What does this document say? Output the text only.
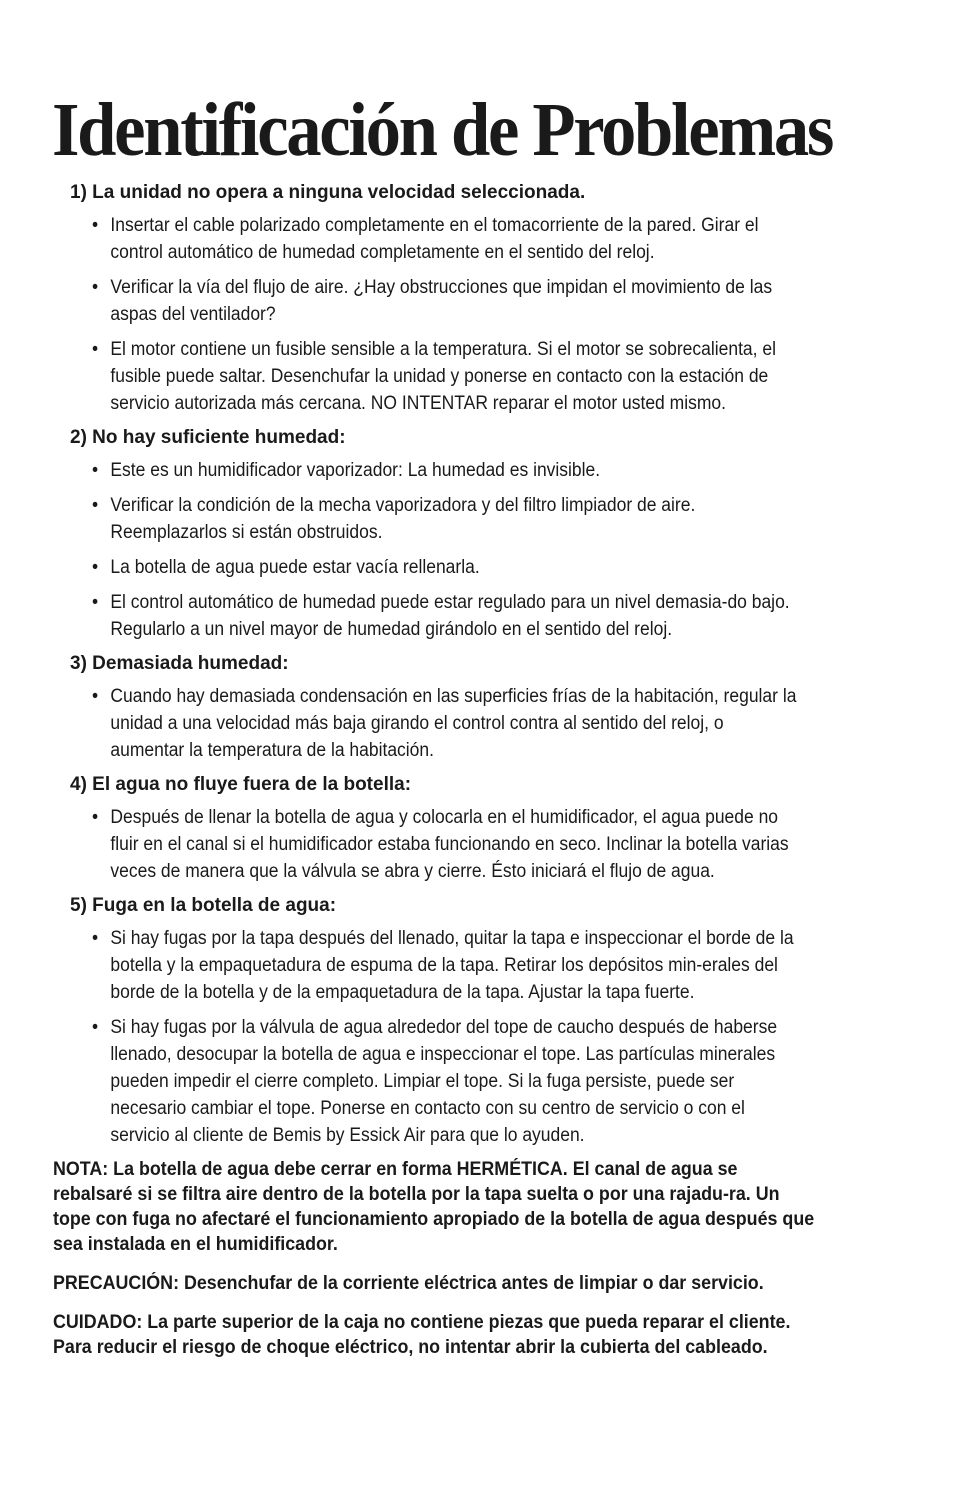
Identificación de Problemas
1) La unidad no opera a ninguna velocidad seleccionada.
• Insertar el cable polarizado completamente en el tomacorriente de la pared. Girar el control automático de humedad completamente en el sentido del reloj.
• Verificar la vía del flujo de aire. ¿Hay obstrucciones que impidan el movimiento de las aspas del ventilador?
• El motor contiene un fusible sensible a la temperatura. Si el motor se sobrecalienta, el fusible puede saltar. Desenchufar la unidad y ponerse en contacto con la estación de servicio autorizada más cercana. NO INTENTAR reparar el motor usted mismo.
2) No hay suficiente humedad:
• Este es un humidificador vaporizador: La humedad es invisible.
• Verificar la condición de la mecha vaporizadora y del filtro limpiador de aire. Reemplazarlos si están obstruidos.
• La botella de agua puede estar vacía rellenarla.
• El control automático de humedad puede estar regulado para un nivel demasia-do bajo. Regularlo a un nivel mayor de humedad girándolo en el sentido del reloj.
3) Demasiada humedad:
• Cuando hay demasiada condensación en las superficies frías de la habitación, regular la unidad a una velocidad más baja girando el control contra al sentido del reloj, o aumentar la temperatura de la habitación.
4) El agua no fluye fuera de la botella:
• Después de llenar la botella de agua y colocarla en el humidificador, el agua puede no fluir en el canal si el humidificador estaba funcionando en seco. Inclinar la botella varias veces de manera que la válvula se abra y cierre. Ésto iniciará el flujo de agua.
5) Fuga en la botella de agua:
• Si hay fugas por la tapa después del llenado, quitar la tapa e inspeccionar el borde de la botella y la empaquetadura de espuma de la tapa. Retirar los depósitos min-erales del borde de la botella y de la empaquetadura de la tapa. Ajustar la tapa fuerte.
• Si hay fugas por la válvula de agua alrededor del tope de caucho después de haberse llenado, desocupar la botella de agua e inspeccionar el tope. Las partículas minerales pueden impedir el cierre completo. Limpiar el tope. Si la fuga persiste, puede ser necesario cambiar el tope. Ponerse en contacto con su centro de servicio o con el servicio al cliente de Bemis by Essick Air para que lo ayuden.

NOTA: La botella de agua debe cerrar en forma HERMÉTICA. El canal de agua se rebalsaré si se filtra aire dentro de la botella por la tapa suelta o por una rajadu-ra. Un tope con fuga no afectaré el funcionamiento apropiado de la botella de agua después que sea instalada en el humidificador.

PRECAUCIÓN: Desenchufar de la corriente eléctrica antes de limpiar o dar servicio.

CUIDADO: La parte superior de la caja no contiene piezas que pueda reparar el cliente. Para reducir el riesgo de choque eléctrico, no intentar abrir la cubierta del cableado.
